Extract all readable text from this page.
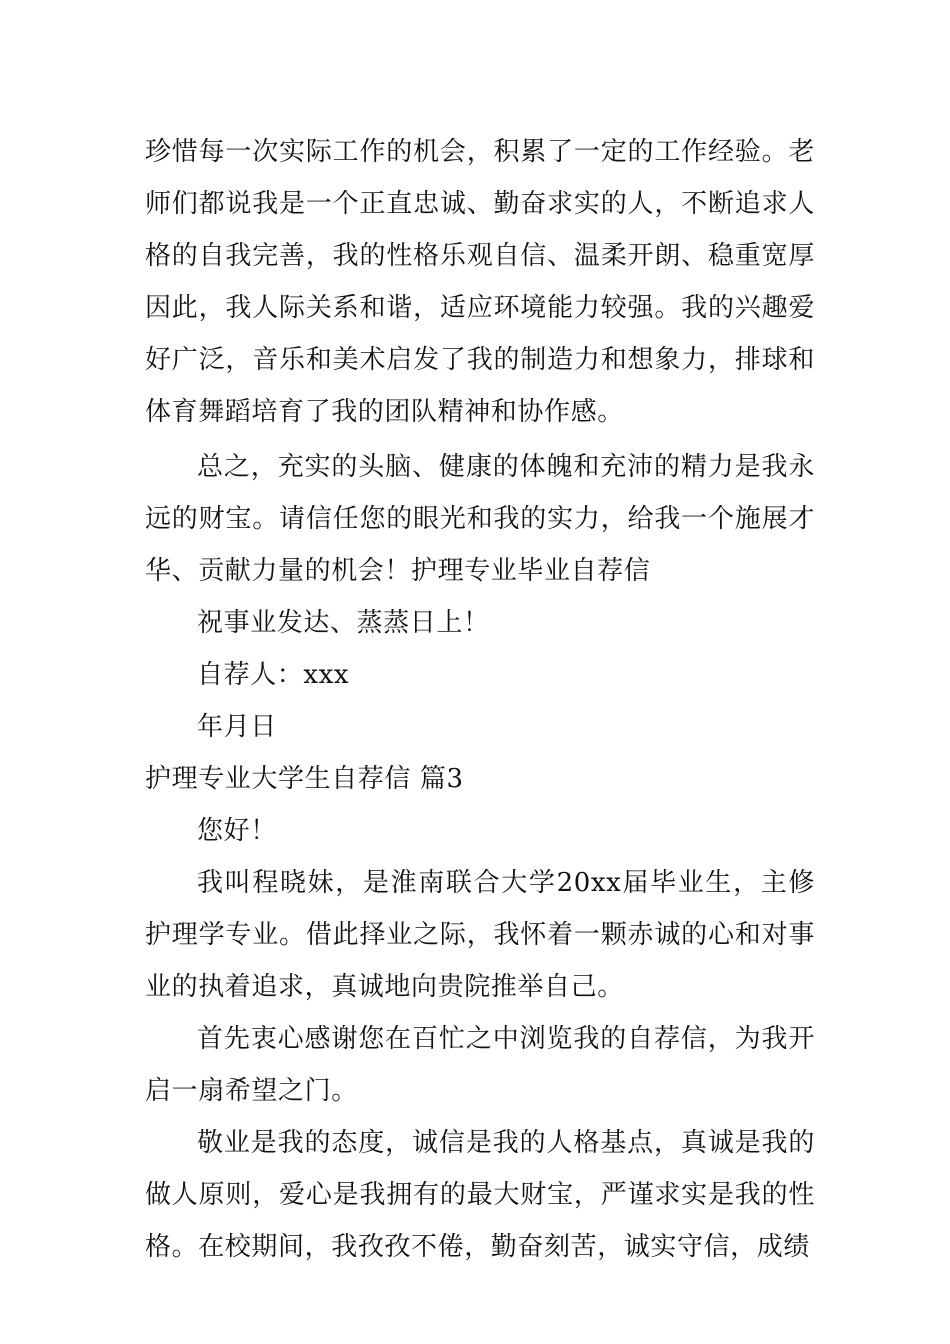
珍惜每一次实际工作的机会，积累了一定的工作经验。老师们都说我是一个正直忠诚、勤奋求实的人，不断追求人格的自我完善，我的性格乐观自信、温柔开朗、稳重宽厚因此，我人际关系和谐，适应环境能力较强。我的兴趣爱好广泛，音乐和美术启发了我的制造力和想象力，排球和体育舞蹈培育了我的团队精神和协作感。

总之，充实的头脑、健康的体魄和充沛的精力是我永远的财宝。请信任您的眼光和我的实力，给我一个施展才华、贡献力量的机会！护理专业毕业自荐信

祝事业发达、蒸蒸日上！

自荐人：xxx

年月日

护理专业大学生自荐信 篇3

您好！

我叫程晓妹，是淮南联合大学20xx届毕业生，主修护理学专业。借此择业之际，我怀着一颗赤诚的心和对事业的执着追求，真诚地向贵院推举自己。

首先衷心感谢您在百忙之中浏览我的自荐信，为我开启一扇希望之门。

敬业是我的态度，诚信是我的人格基点，真诚是我的做人原则，爱心是我拥有的最大财宝，严谨求实是我的性格。在校期间，我孜孜不倦，勤奋刻苦，诚实守信，成绩
